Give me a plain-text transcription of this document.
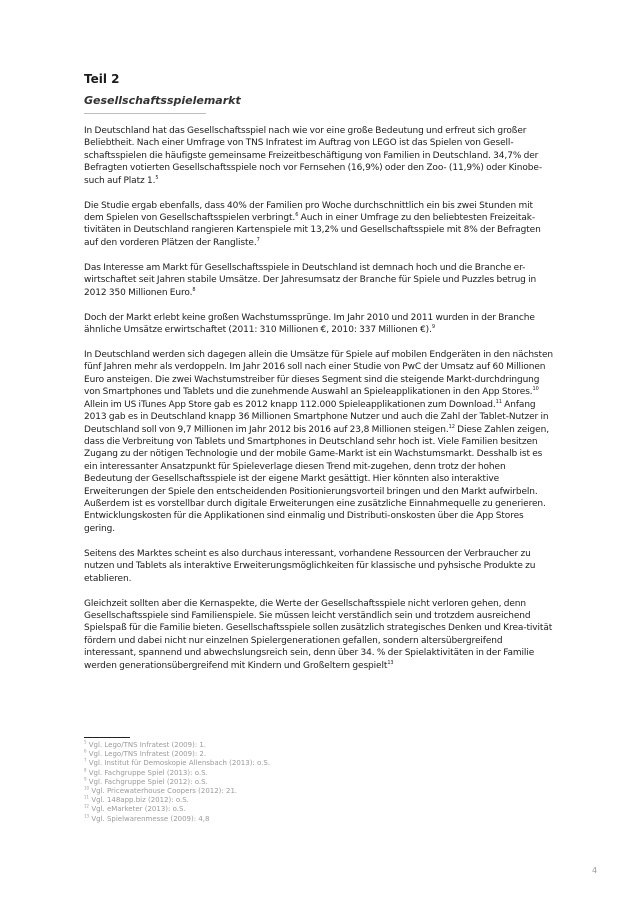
Teil 2
Gesellschaftsspielemarkt

In Deutschland hat das Gesellschaftsspiel nach wie vor eine große Bedeutung und erfreut sich großer Beliebtheit. Nach einer Umfrage von TNS Infratest im Auftrag von LEGO ist das Spielen von Gesell-schaftsspielen die häufigste gemeinsame Freizeitbeschäftigung von Familien in Deutschland. 34,7% der Befragten votierten Gesellschaftsspiele noch vor Fernsehen (16,9%) oder den Zoo- (11,9%) oder Kinobe-such auf Platz 1.$^5$

Die Studie ergab ebenfalls, dass 40% der Familien pro Woche durchschnittlich ein bis zwei Stunden mit dem Spielen von Gesellschaftsspielen verbringt.$^6$ Auch in einer Umfrage zu den beliebtesten Freizeitak-tivitäten in Deutschland rangieren Kartenspiele mit 13,2% und Gesellschaftsspiele mit 8% der Befragten auf den vorderen Plätzen der Rangliste.$^7$

Das Interesse am Markt für Gesellschaftsspiele in Deutschland ist demnach hoch und die Branche er-wirtschaftet seit Jahren stabile Umsätze. Der Jahresumsatz der Branche für Spiele und Puzzles betrug in 2012 350 Millionen Euro.$^8$

Doch der Markt erlebt keine großen Wachstumssprünge. Im Jahr 2010 und 2011 wurden in der Branche ähnliche Umsätze erwirtschaftet (2011: 310 Millionen €, 2010: 337 Millionen €).$^9$

In Deutschland werden sich dagegen allein die Umsätze für Spiele auf mobilen Endgeräten in den nächsten fünf Jahren mehr als verdoppeln. Im Jahr 2016 soll nach einer Studie von PwC der Umsatz auf 60 Millionen Euro ansteigen. Die zwei Wachstumstreiber für dieses Segment sind die steigende Markt-durchdringung von Smartphones und Tablets und die zunehmende Auswahl an Spieleapplikationen in den App Stores.$^{10}$ Allein im US iTunes App Store gab es 2012 knapp 112.000 Spieleapplikationen zum Download.$^{11}$ Anfang 2013 gab es in Deutschland knapp 36 Millionen Smartphone Nutzer und auch die Zahl der Tablet-Nutzer in Deutschland soll von 9,7 Millionen im Jahr 2012 bis 2016 auf 23,8 Millionen steigen.$^{12}$ Diese Zahlen zeigen, dass die Verbreitung von Tablets und Smartphones in Deutschland sehr hoch ist. Viele Familien besitzen Zugang zu der nötigen Technologie und der mobile Game-Markt ist ein Wachstumsmarkt. Desshalb ist es ein interessanter Ansatzpunkt für Spieleverlage diesen Trend mit-zugehen, denn trotz der hohen Bedeutung der Gesellschaftsspiele ist der eigene Markt gesättigt. Hier könnten also interaktive Erweiterungen der Spiele den entscheidenden Positionierungsvorteil bringen und den Markt aufwirbeln. Außerdem ist es vorstellbar durch digitale Erweiterungen eine zusätzliche Einnahmequelle zu generieren. Entwicklungskosten für die Applikationen sind einmalig und Distributi-onskosten über die App Stores gering.

Seitens des Marktes scheint es also durchaus interessant, vorhandene Ressourcen der Verbraucher zu nutzen und Tablets als interaktive Erweiterungsmöglichkeiten für klassische und pyhsische Produkte zu etablieren.

Gleichzeit sollten aber die Kernaspekte, die Werte der Gesellschaftsspiele nicht verloren gehen, denn Gesellschaftsspiele sind Familienspiele. Sie müssen leicht verständlich sein und trotzdem ausreichend Spielspaß für die Familie bieten. Gesellschaftsspiele sollen zusätzlich strategisches Denken und Krea-tivität fördern und dabei nicht nur einzelnen Spielergenerationen gefallen, sondern altersübergreifend interessant, spannend und abwechslungsreich sein, denn über 34. % der Spielaktivitäten in der Familie werden generationsübergreifend mit Kindern und Großeltern gespielt$^{13}$

$^5$ Vgl. Lego/TNS Infratest (2009): 1.
$^6$ Vgl. Lego/TNS Infratest (2009): 2.
$^7$ Vgl. Institut für Demoskopie Allensbach (2013): o.S.
$^8$ Vgl. Fachgruppe Spiel (2013): o.S.
$^9$ Vgl. Fachgruppe Spiel (2012): o.S.
$^{10}$ Vgl. Pricewaterhouse Coopers (2012): 21.
$^{11}$ Vgl. 148app.biz (2012): o.S.
$^{12}$ Vgl. eMarketer (2013): o.S.
$^{13}$ Vgl. Spielwarenmesse (2009): 4,8
4
